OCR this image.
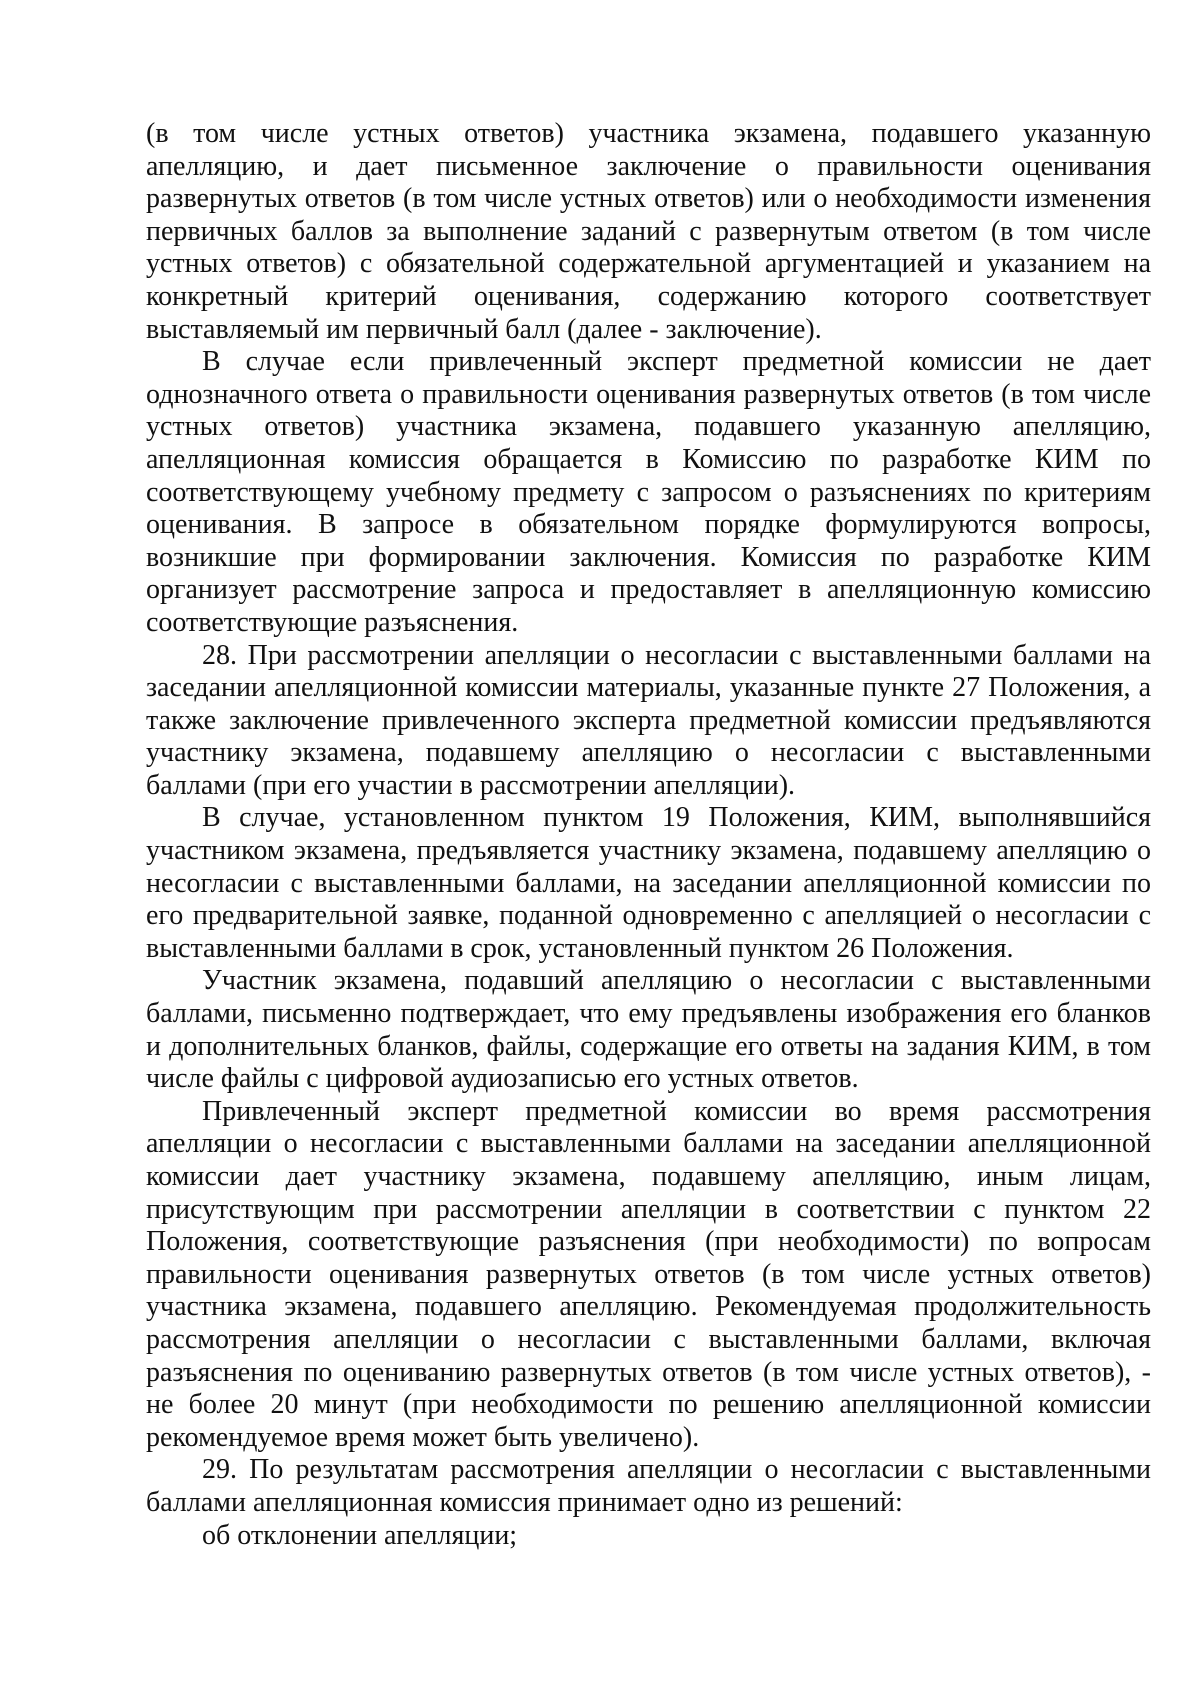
(в том числе устных ответов) участника экзамена, подавшего указанную апелляцию, и дает письменное заключение о правильности оценивания развернутых ответов (в том числе устных ответов) или о необходимости изменения первичных баллов за выполнение заданий с развернутым ответом (в том числе устных ответов) с обязательной содержательной аргументацией и указанием на конкретный критерий оценивания, содержанию которого соответствует выставляемый им первичный балл (далее - заключение).

В случае если привлеченный эксперт предметной комиссии не дает однозначного ответа о правильности оценивания развернутых ответов (в том числе устных ответов) участника экзамена, подавшего указанную апелляцию, апелляционная комиссия обращается в Комиссию по разработке КИМ по соответствующему учебному предмету с запросом о разъяснениях по критериям оценивания. В запросе в обязательном порядке формулируются вопросы, возникшие при формировании заключения. Комиссия по разработке КИМ организует рассмотрение запроса и предоставляет в апелляционную комиссию соответствующие разъяснения.

28. При рассмотрении апелляции о несогласии с выставленными баллами на заседании апелляционной комиссии материалы, указанные пункте 27 Положения, а также заключение привлеченного эксперта предметной комиссии предъявляются участнику экзамена, подавшему апелляцию о несогласии с выставленными баллами (при его участии в рассмотрении апелляции).

В случае, установленном пунктом 19 Положения, КИМ, выполнявшийся участником экзамена, предъявляется участнику экзамена, подавшему апелляцию о несогласии с выставленными баллами, на заседании апелляционной комиссии по его предварительной заявке, поданной одновременно с апелляцией о несогласии с выставленными баллами в срок, установленный пунктом 26 Положения.

Участник экзамена, подавший апелляцию о несогласии с выставленными баллами, письменно подтверждает, что ему предъявлены изображения его бланков и дополнительных бланков, файлы, содержащие его ответы на задания КИМ, в том числе файлы с цифровой аудиозаписью его устных ответов.

Привлеченный эксперт предметной комиссии во время рассмотрения апелляции о несогласии с выставленными баллами на заседании апелляционной комиссии дает участнику экзамена, подавшему апелляцию, иным лицам, присутствующим при рассмотрении апелляции в соответствии с пунктом 22 Положения, соответствующие разъяснения (при необходимости) по вопросам правильности оценивания развернутых ответов (в том числе устных ответов) участника экзамена, подавшего апелляцию. Рекомендуемая продолжительность рассмотрения апелляции о несогласии с выставленными баллами, включая разъяснения по оцениванию развернутых ответов (в том числе устных ответов), - не более 20 минут (при необходимости по решению апелляционной комиссии рекомендуемое время может быть увеличено).

29. По результатам рассмотрения апелляции о несогласии с выставленными баллами апелляционная комиссия принимает одно из решений:

об отклонении апелляции;
